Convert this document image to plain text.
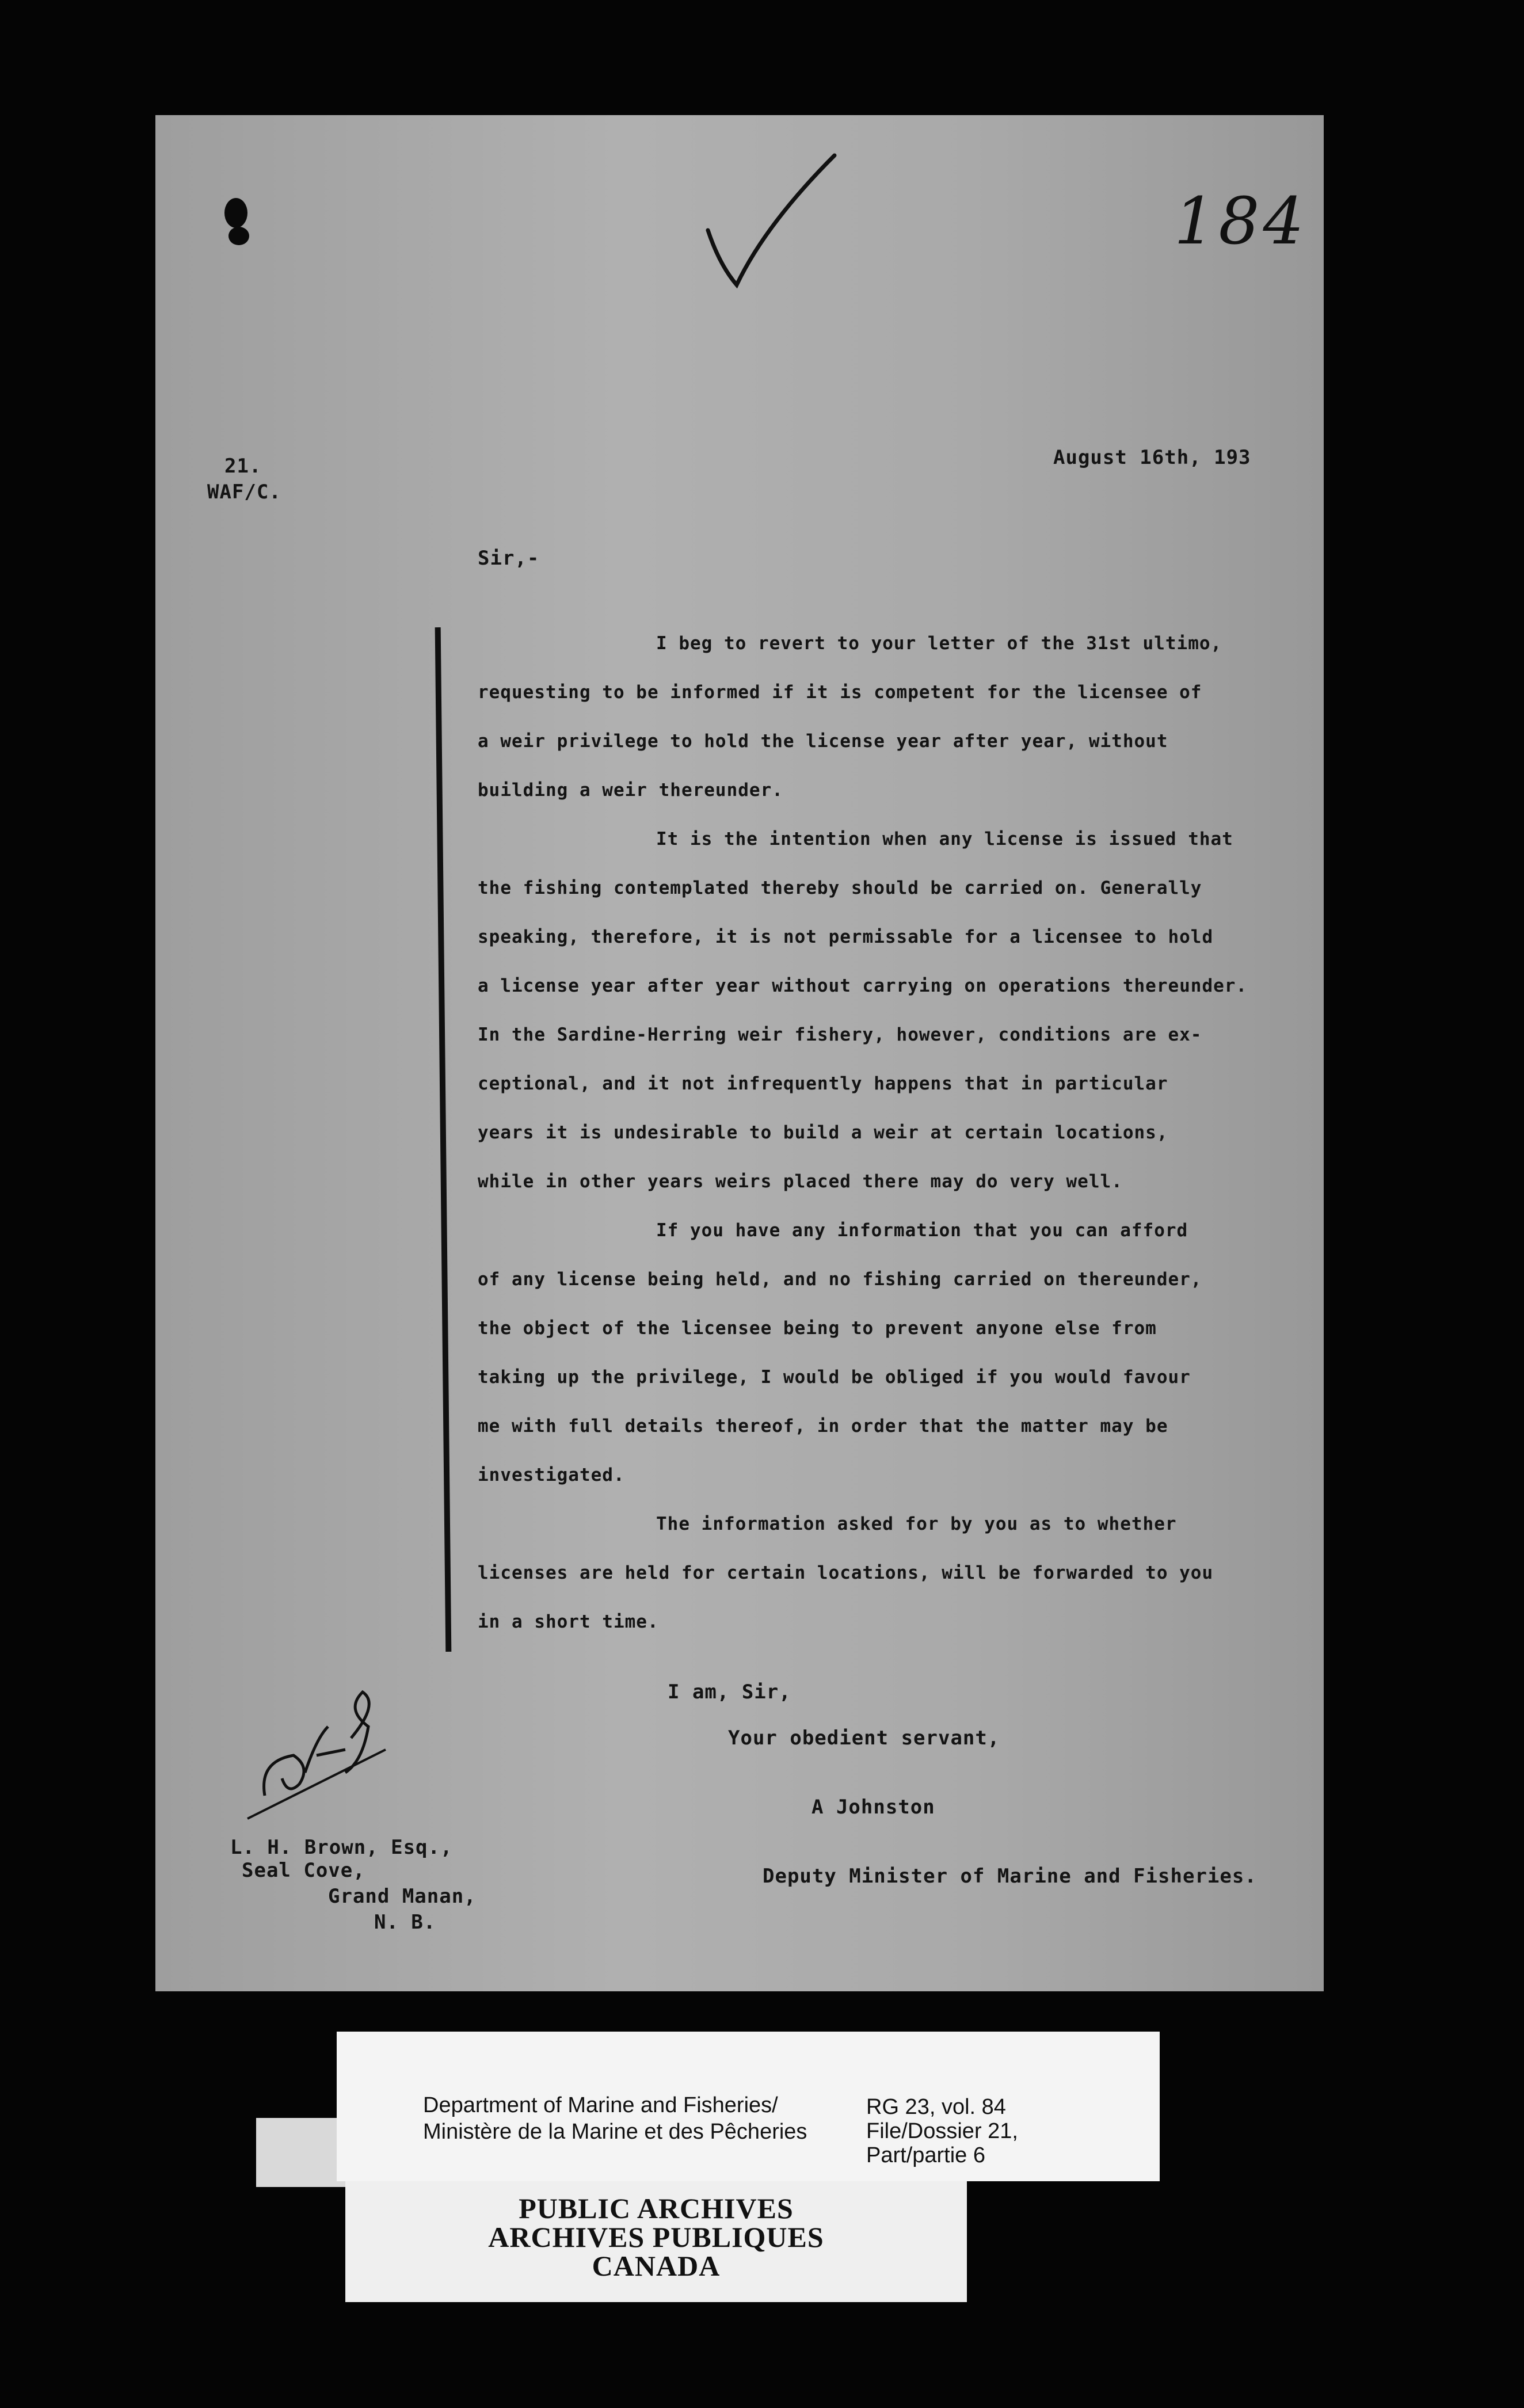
184
21.
WAF/C.
August 16th, 193
Sir,-
I beg to revert to your letter of the 31st ultimo,
requesting to be informed if it is competent for the licensee of
a weir privilege to hold the license year after year, without
building a weir thereunder.
It is the intention when any license is issued that
the fishing contemplated thereby should be carried on. Generally
speaking, therefore, it is not permissable for a licensee to hold
a license year after year without carrying on operations thereunder.
In the Sardine-Herring weir fishery, however, conditions are ex-
ceptional, and it not infrequently happens that in particular
years it is undesirable to build a weir at certain locations,
while in other years weirs placed there may do very well.
If you have any information that you can afford
of any license being held, and no fishing carried on thereunder,
the object of the licensee being to prevent anyone else from
taking up the privilege, I would be obliged if you would favour
me with full details thereof, in order that the matter may be
investigated.
The information asked for by you as to whether
licenses are held for certain locations, will be forwarded to you
in a short time.
I am, Sir,
Your obedient servant,
A Johnston
Deputy Minister of Marine and Fisheries.
L. H. Brown, Esq.,
Seal Cove,
Grand Manan,
N. B.
Department of Marine and Fisheries/
Ministère de la Marine et des Pêcheries
RG 23, vol. 84
File/Dossier 21,
Part/partie 6
PUBLIC ARCHIVES
ARCHIVES PUBLIQUES
CANADA
